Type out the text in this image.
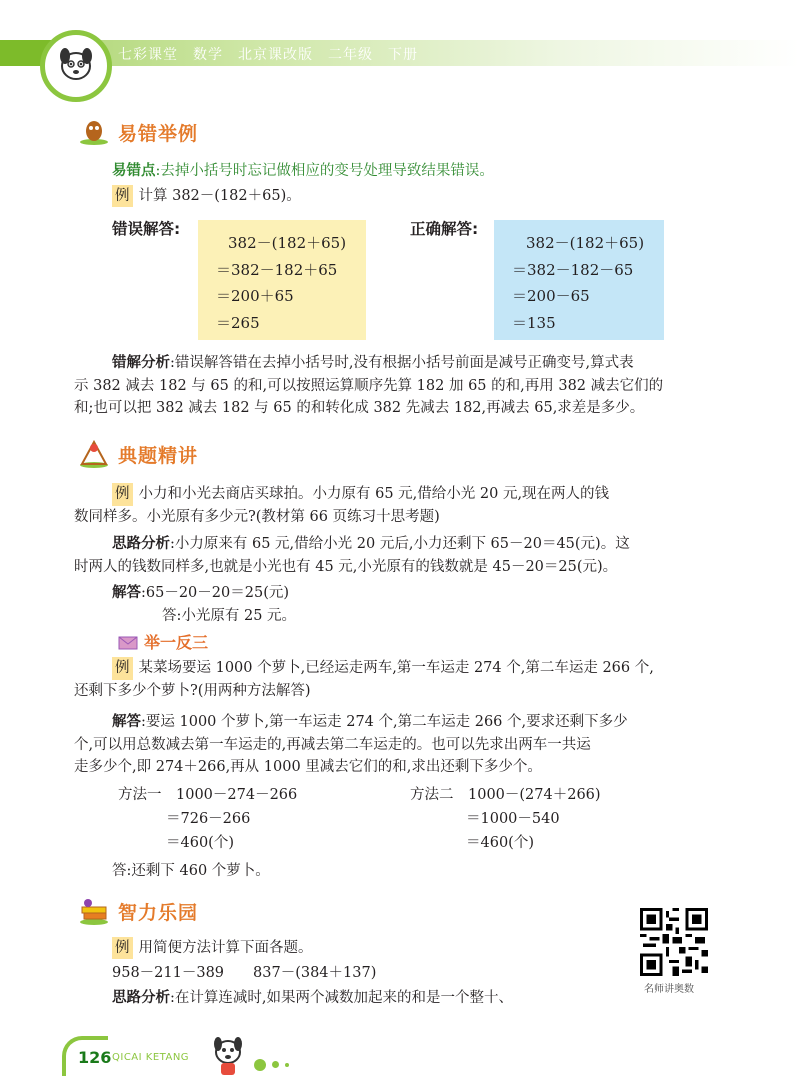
七彩课堂　 数学　 北京课改版　 二年级　 下册
易错举例
易错点:去掉小括号时忘记做相应的变号处理导致结果错误。
例 计算 382－(182＋65)。
错误解答:
382－(182＋65)
＝382－182＋65
＝200＋65
＝265
正确解答:
382－(182＋65)
＝382－182－65
＝200－65
＝135
错解分析:错误解答错在去掉小括号时,没有根据小括号前面是减号正确变号,算式表
示 382 减去 182 与 65 的和,可以按照运算顺序先算 182 加 65 的和,再用 382 减去它们的
和;也可以把 382 减去 182 与 65 的和转化成 382 先减去 182,再减去 65,求差是多少。
典题精讲
例 小力和小光去商店买球拍。小力原有 65 元,借给小光 20 元,现在两人的钱
数同样多。小光原有多少元?(教材第 66 页练习十思考题)
思路分析:小力原来有 65 元,借给小光 20 元后,小力还剩下 65－20＝45(元)。这
时两人的钱数同样多,也就是小光也有 45 元,小光原有的钱数就是 45－20＝25(元)。
解答:65－20－20＝25(元)
答:小光原有 25 元。
举一反三
例 某菜场要运 1000 个萝卜,已经运走两车,第一车运走 274 个,第二车运走 266 个,
还剩下多少个萝卜?(用两种方法解答)
解答:要运 1000 个萝卜,第一车运走 274 个,第二车运走 266 个,要求还剩下多少
个,可以用总数减去第一车运走的,再减去第二车运走的。也可以先求出两车一共运
走多少个,即 274＋266,再从 1000 里减去它们的和,求出还剩下多少个。
方法一　1000－274－266
＝726－266
＝460(个)
方法二　1000－(274＋266)
＝1000－540
＝460(个)
答:还剩下 460 个萝卜。
智力乐园
例 用简便方法计算下面各题。
958－211－389　　837－(384＋137)
思路分析:在计算连减时,如果两个减数加起来的和是一个整十、
名师讲奥数
126 QICAI KETANG
